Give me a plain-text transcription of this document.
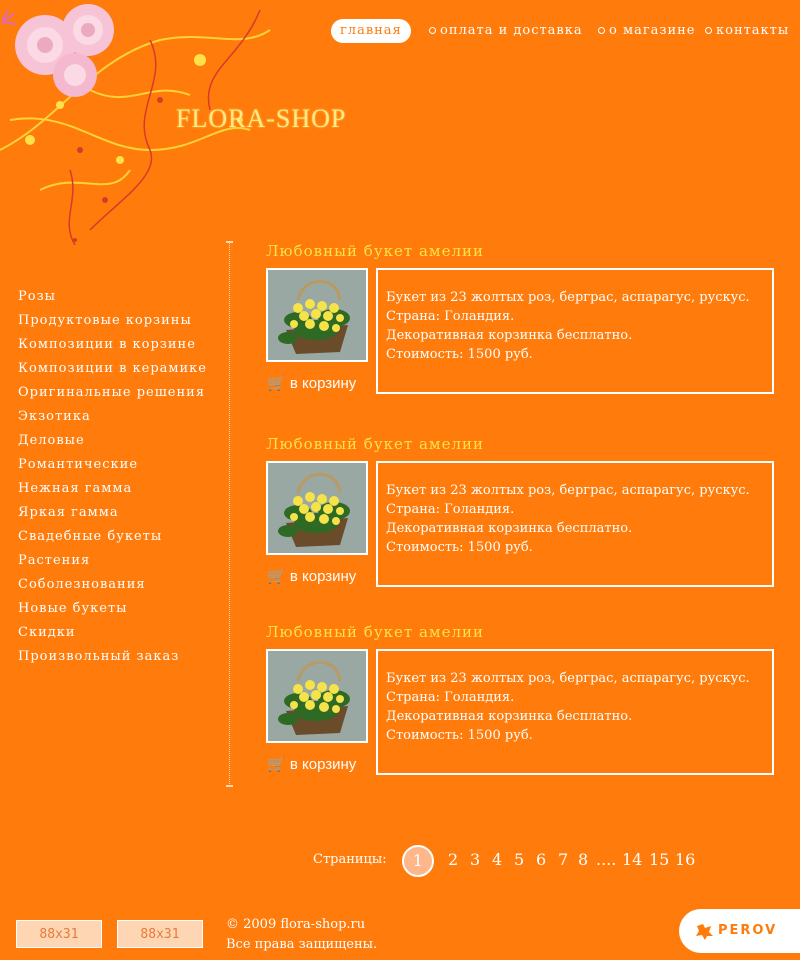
FLORA-SHOP
главная	оплата и доставка	о магазине	контакты
Розы
Продуктовые корзины
Композиции в корзине
Композиции в керамике
Оригинальные решения
Экзотика
Деловые
Романтические
Нежная гамма
Яркая гамма
Свадебные букеты
Растения
Соболезнования
Новые букеты
Скидки
Произвольный заказ
Любовный букет амелии
🛒 в корзину
Букет из 23 жолтых роз, берграс, аспарагус, рускус.
Страна: Голандия.
Декоративная корзинка бесплатно.
Стоимость: 1500 руб.
Любовный букет амелии
🛒 в корзину
Букет из 23 жолтых роз, берграс, аспарагус, рускус.
Страна: Голандия.
Декоративная корзинка бесплатно.
Стоимость: 1500 руб.
Любовный букет амелии
🛒 в корзину
Букет из 23 жолтых роз, берграс, аспарагус, рускус.
Страна: Голандия.
Декоративная корзинка бесплатно.
Стоимость: 1500 руб.
Страницы:	1	2 3 4 5 6 7 8 .... 14 15 16
88x31	88x31
© 2009 flora-shop.ru
Все права защищены.
PEROV
